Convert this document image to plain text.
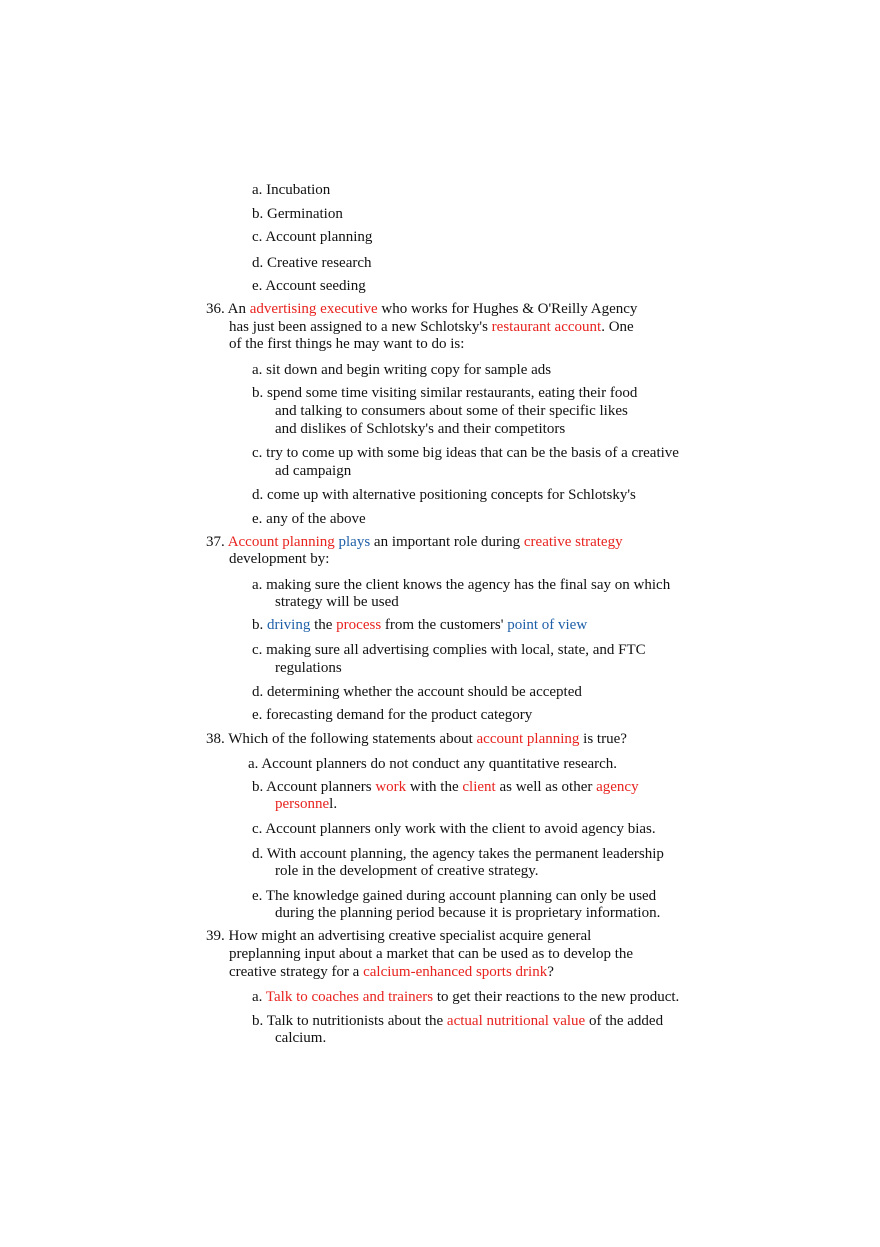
a. Incubation
b. Germination
c. Account planning
d. Creative research
e. Account seeding
36. An advertising executive who works for Hughes & O'Reilly Agency
has just been assigned to a new Schlotsky's restaurant account. One
of the first things he may want to do is:
a. sit down and begin writing copy for sample ads
b. spend some time visiting similar restaurants, eating their food
and talking to consumers about some of their specific likes
and dislikes of Schlotsky's and their competitors
c. try to come up with some big ideas that can be the basis of a creative
ad campaign
d. come up with alternative positioning concepts for Schlotsky's
e. any of the above
37. Account planning plays an important role during creative strategy
development by:
a. making sure the client knows the agency has the final say on which
strategy will be used
b. driving the process from the customers' point of view
c. making sure all advertising complies with local, state, and FTC
regulations
d. determining whether the account should be accepted
e. forecasting demand for the product category
38. Which of the following statements about account planning is true?
a. Account planners do not conduct any quantitative research.
b. Account planners work with the client as well as other agency
personnel.
c. Account planners only work with the client to avoid agency bias.
d. With account planning, the agency takes the permanent leadership
role in the development of creative strategy.
e. The knowledge gained during account planning can only be used
during the planning period because it is proprietary information.
39. How might an advertising creative specialist acquire general
preplanning input about a market that can be used as to develop the
creative strategy for a calcium-enhanced sports drink?
a. Talk to coaches and trainers to get their reactions to the new product.
b. Talk to nutritionists about the actual nutritional value of the added
calcium.
